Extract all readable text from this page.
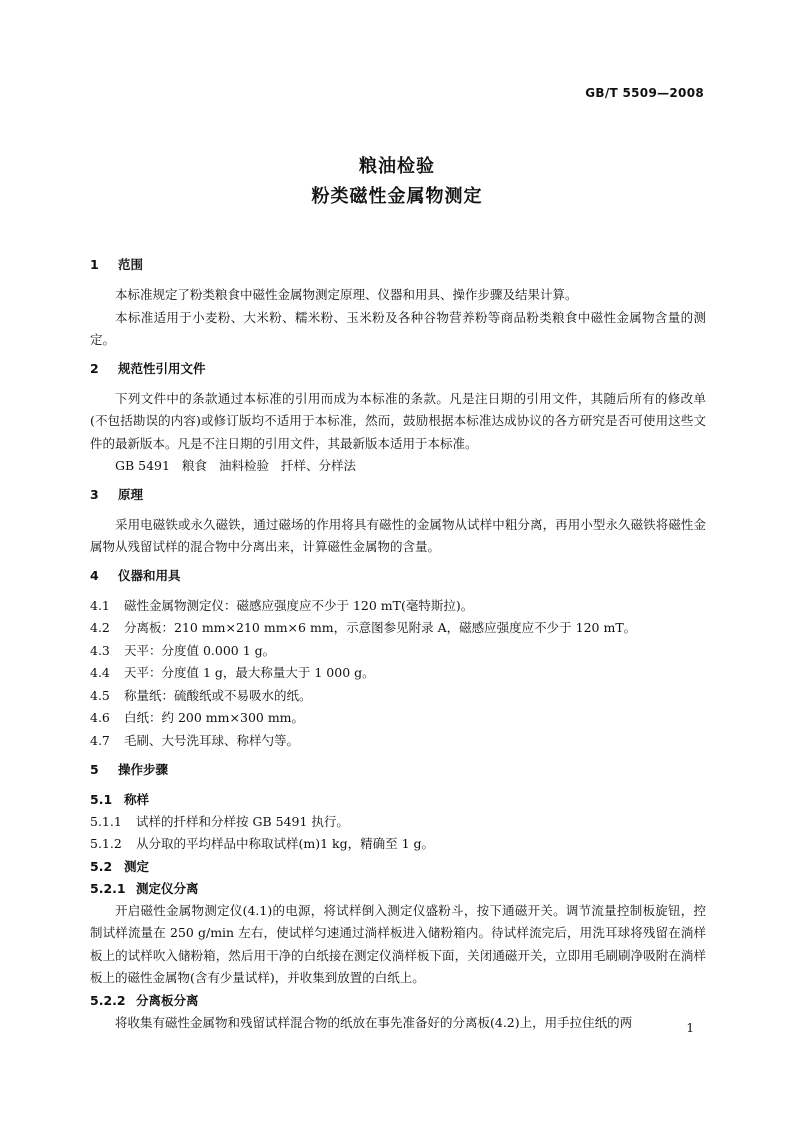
GB/T 5509—2008
粮油检验
粉类磁性金属物测定
1 范围

本标准规定了粉类粮食中磁性金属物测定原理、仪器和用具、操作步骤及结果计算。

本标准适用于小麦粉、大米粉、糯米粉、玉米粉及各种谷物营养粉等商品粉类粮食中磁性金属物含量的测定。

2 规范性引用文件

下列文件中的条款通过本标准的引用而成为本标准的条款。凡是注日期的引用文件，其随后所有的修改单(不包括勘误的内容)或修订版均不适用于本标准，然而，鼓励根据本标准达成协议的各方研究是否可使用这些文件的最新版本。凡是不注日期的引用文件，其最新版本适用于本标准。

GB 5491 粮食 油料检验 扦样、分样法
3 原理

采用电磁铁或永久磁铁，通过磁场的作用将具有磁性的金属物从试样中粗分离，再用小型永久磁铁将磁性金属物从残留试样的混合物中分离出来，计算磁性金属物的含量。

4 仪器和用具
4.1 磁性金属物测定仪：磁感应强度应不少于 120 mT(毫特斯拉)。
4.2 分离板：210 mm×210 mm×6 mm，示意图参见附录 A，磁感应强度应不少于 120 mT。
4.3 天平：分度值 0.000 1 g。
4.4 天平：分度值 1 g，最大称量大于 1 000 g。
4.5 称量纸：硫酸纸或不易吸水的纸。
4.6 白纸：约 200 mm×300 mm。
4.7 毛刷、大号洗耳球、称样勺等。
5 操作步骤
5.1 称样
5.1.1 试样的扦样和分样按 GB 5491 执行。
5.1.2 从分取的平均样品中称取试样(m)1 kg，精确至 1 g。
5.2 测定
5.2.1 测定仪分离

开启磁性金属物测定仪(4.1)的电源，将试样倒入测定仪盛粉斗，按下通磁开关。调节流量控制板旋钮，控制试样流量在 250 g/min 左右，使试样匀速通过淌样板进入储粉箱内。待试样流完后，用洗耳球将残留在淌样板上的试样吹入储粉箱，然后用干净的白纸接在测定仪淌样板下面，关闭通磁开关，立即用毛刷刷净吸附在淌样板上的磁性金属物(含有少量试样)，并收集到放置的白纸上。

5.2.2 分离板分离

将收集有磁性金属物和残留试样混合物的纸放在事先准备好的分离板(4.2)上，用手拉住纸的两	1
